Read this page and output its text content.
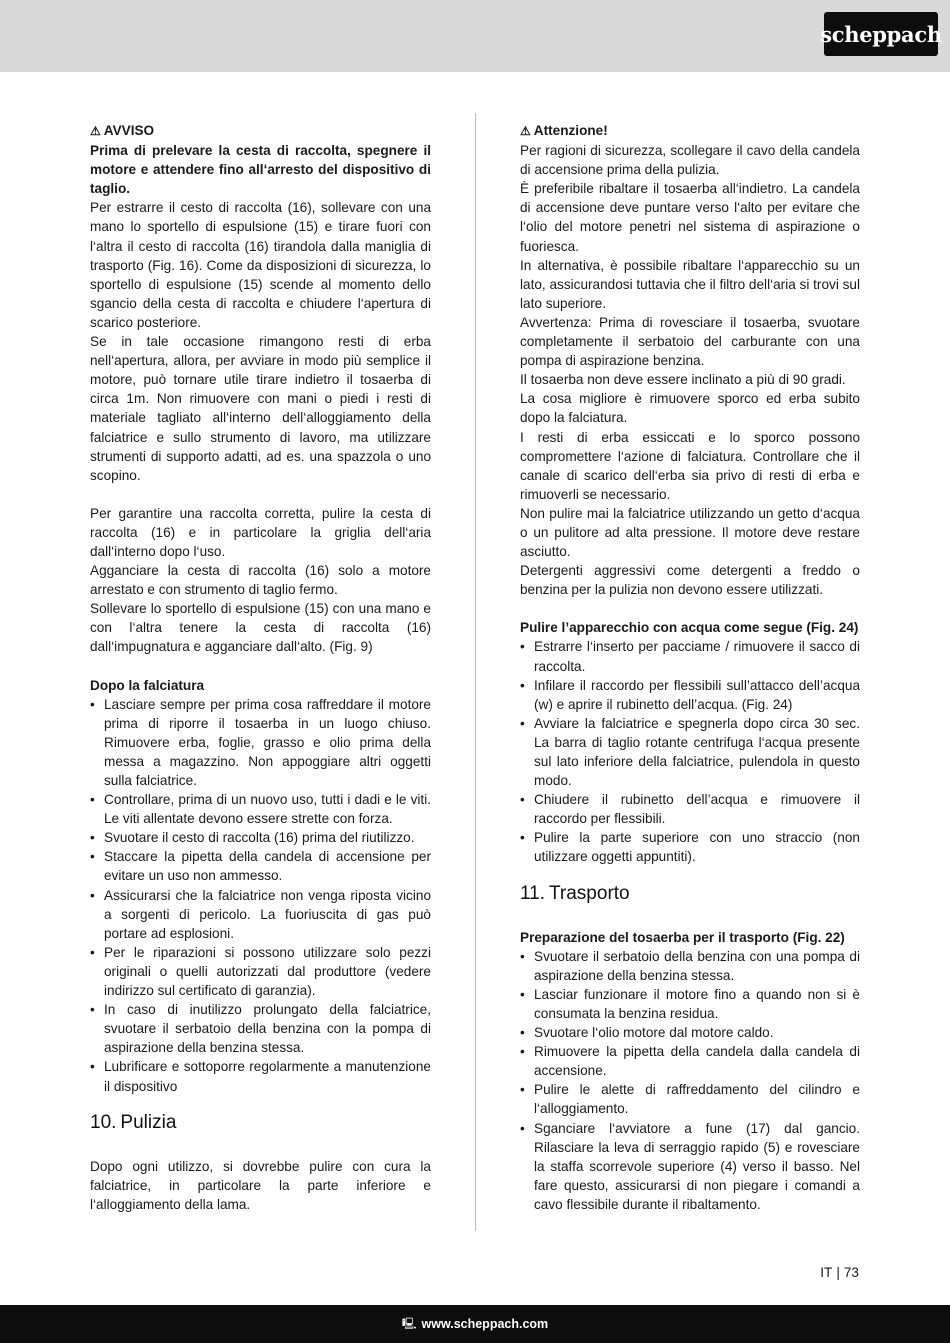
scheppach

⚠ AVVISO

Prima di prelevare la cesta di raccolta, spegnere il motore e attendere fino all‘arresto del dispositivo di taglio.

Per estrarre il cesto di raccolta (16), sollevare con una mano lo sportello di espulsione (15) e tirare fuori con l‘altra il cesto di raccolta (16) tirandola dalla maniglia di trasporto (Fig. 16). Come da disposizioni di sicurezza, lo sportello di espulsione (15) scende al momento dello sgancio della cesta di raccolta e chiudere l‘apertura di scarico posteriore.

Se in tale occasione rimangono resti di erba nell‘apertura, allora, per avviare in modo più semplice il motore, può tornare utile tirare indietro il tosaerba di circa 1m. Non rimuovere con mani o piedi i resti di materiale tagliato all‘interno dell‘alloggiamento della falciatrice e sullo strumento di lavoro, ma utilizzare strumenti di supporto adatti, ad es. una spazzola o uno scopino.

Per garantire una raccolta corretta, pulire la cesta di raccolta (16) e in particolare la griglia dell‘aria dall‘interno dopo l‘uso.

Agganciare la cesta di raccolta (16) solo a motore arrestato e con strumento di taglio fermo.

Sollevare lo sportello di espulsione (15) con una mano e con l‘altra tenere la cesta di raccolta (16) dall‘impugnatura e agganciare dall‘alto. (Fig. 9)

Dopo la falciatura

• Lasciare sempre per prima cosa raffreddare il motore prima di riporre il tosaerba in un luogo chiuso. Rimuovere erba, foglie, grasso e olio prima della messa a magazzino. Non appoggiare altri oggetti sulla falciatrice.
• Controllare, prima di un nuovo uso, tutti i dadi e le viti. Le viti allentate devono essere strette con forza.
• Svuotare il cesto di raccolta (16) prima del riutilizzo.
• Staccare la pipetta della candela di accensione per evitare un uso non ammesso.
• Assicurarsi che la falciatrice non venga riposta vicino a sorgenti di pericolo. La fuoriuscita di gas può portare ad esplosioni.
• Per le riparazioni si possono utilizzare solo pezzi originali o quelli autorizzati dal produttore (vedere indirizzo sul certificato di garanzia).
• In caso di inutilizzo prolungato della falciatrice, svuotare il serbatoio della benzina con la pompa di aspirazione della benzina stessa.
• Lubrificare e sottoporre regolarmente a manutenzione il dispositivo
10. Pulizia

Dopo ogni utilizzo, si dovrebbe pulire con cura la falciatrice, in particolare la parte inferiore e l‘alloggiamento della lama.

⚠ Attenzione!

Per ragioni di sicurezza, scollegare il cavo della candela di accensione prima della pulizia.

È preferibile ribaltare il tosaerba all‘indietro. La candela di accensione deve puntare verso l‘alto per evitare che l‘olio del motore penetri nel sistema di aspirazione o fuoriesca.

In alternativa, è possibile ribaltare l‘apparecchio su un lato, assicurandosi tuttavia che il filtro dell‘aria si trovi sul lato superiore.

Avvertenza: Prima di rovesciare il tosaerba, svuotare completamente il serbatoio del carburante con una pompa di aspirazione benzina.

Il tosaerba non deve essere inclinato a più di 90 gradi.

La cosa migliore è rimuovere sporco ed erba subito dopo la falciatura.

I resti di erba essiccati e lo sporco possono compromettere l‘azione di falciatura. Controllare che il canale di scarico dell‘erba sia privo di resti di erba e rimuoverli se necessario.

Non pulire mai la falciatrice utilizzando un getto d‘acqua o un pulitore ad alta pressione. Il motore deve restare asciutto.

Detergenti aggressivi come detergenti a freddo o benzina per la pulizia non devono essere utilizzati.

Pulire l’apparecchio con acqua come segue (Fig. 24)

• Estrarre l‘inserto per pacciame / rimuovere il sacco di raccolta.
• Infilare il raccordo per flessibili sull’attacco dell’acqua (w) e aprire il rubinetto dell’acqua. (Fig. 24)
• Avviare la falciatrice e spegnerla dopo circa 30 sec. La barra di taglio rotante centrifuga l‘acqua presente sul lato inferiore della falciatrice, pulendola in questo modo.
• Chiudere il rubinetto dell’acqua e rimuovere il raccordo per flessibili.
• Pulire la parte superiore con uno straccio (non utilizzare oggetti appuntiti).
11. Trasporto

Preparazione del tosaerba per il trasporto (Fig. 22)

• Svuotare il serbatoio della benzina con una pompa di aspirazione della benzina stessa.
• Lasciar funzionare il motore fino a quando non si è consumata la benzina residua.
• Svuotare l‘olio motore dal motore caldo.
• Rimuovere la pipetta della candela dalla candela di accensione.
• Pulire le alette di raffreddamento del cilindro e l‘alloggiamento.
• Sganciare l‘avviatore a fune (17) dal gancio. Rilasciare la leva di serraggio rapido (5) e rovesciare la staffa scorrevole superiore (4) verso il basso. Nel fare questo, assicurarsi di non piegare i comandi a cavo flessibile durante il ribaltamento.
IT | 73
🖳 www.scheppach.com
